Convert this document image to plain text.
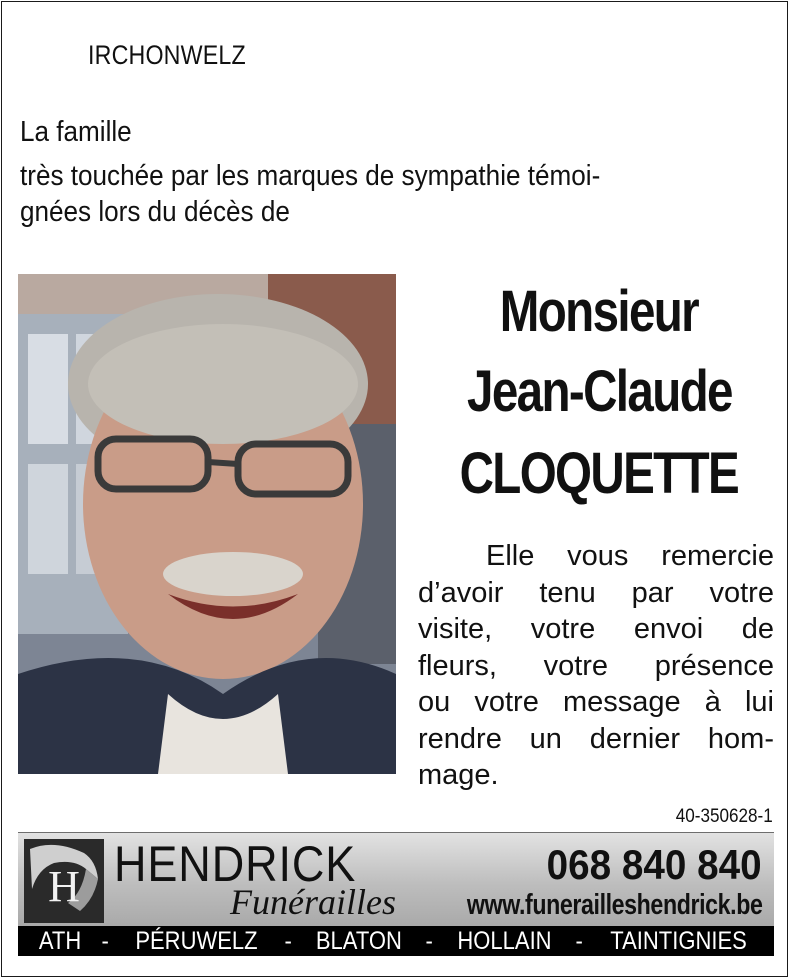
IRCHONWELZ
La famille
très touchée par les marques de sympathie témoi-
gnées lors du décès de
Monsieur
Jean-Claude
CLOQUETTE
Elle vous remercie
d’avoir tenu par votre
visite, votre envoi de
fleurs, votre présence
ou votre message à lui
rendre un dernier hom-
mage.
40-350628-1
H HENDRICK
Funérailles
068 840 840
www.funerailleshendrick.be
ATH - PÉRUWELZ - BLATON - HOLLAIN - TAINTIGNIES
